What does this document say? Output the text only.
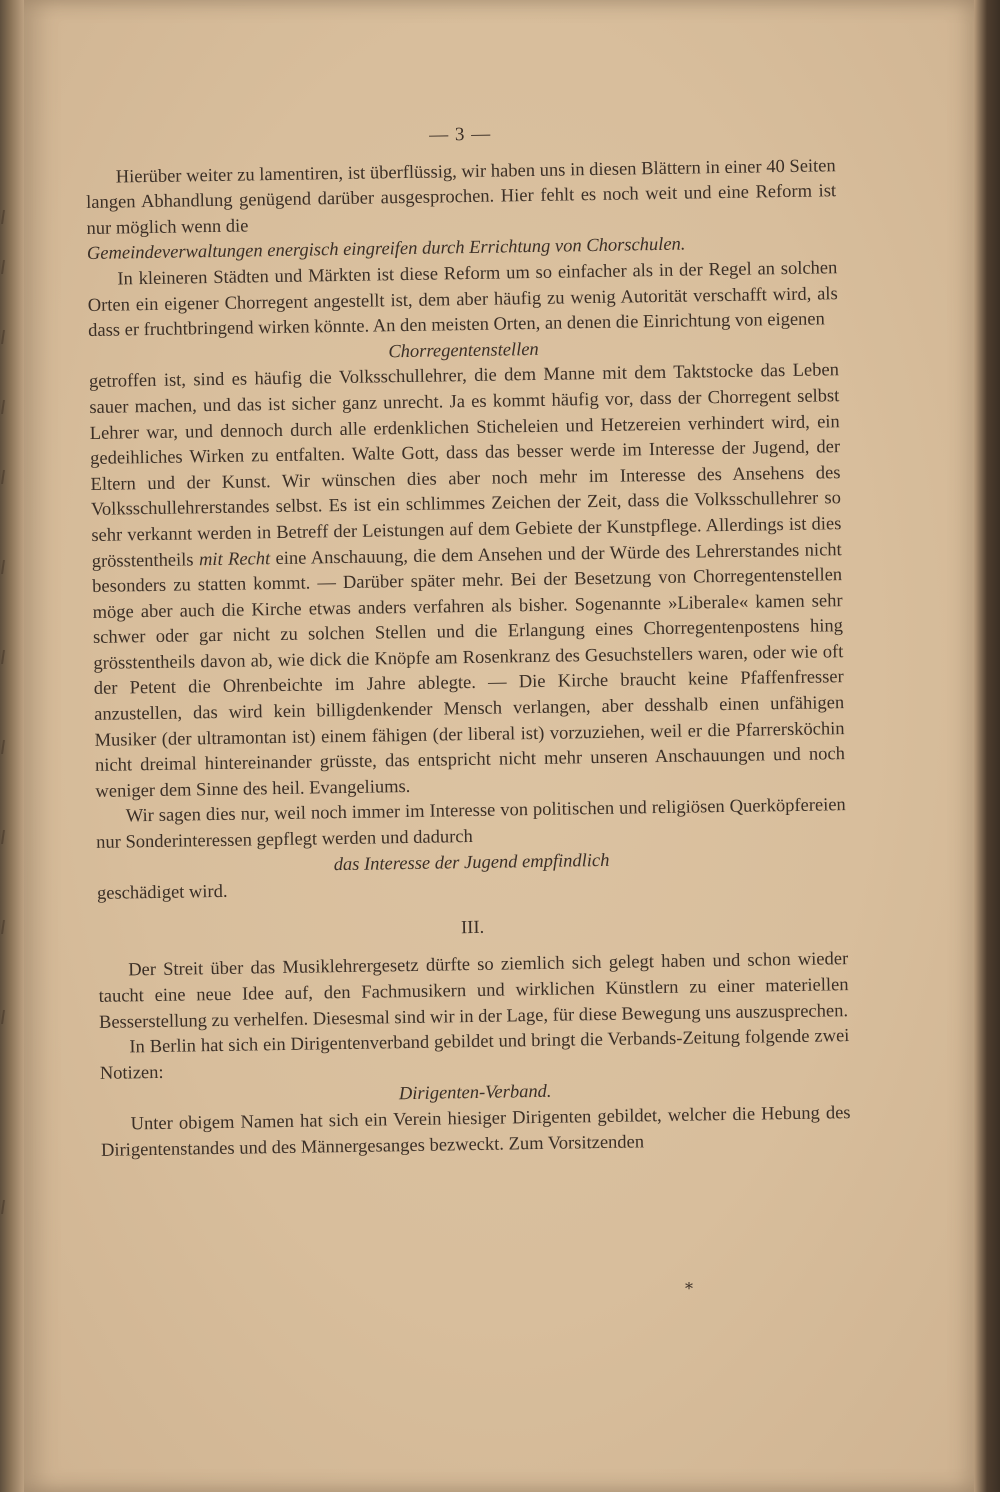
— 3 —

Hierüber weiter zu lamentiren, ist überflüssig, wir haben uns in diesen Blättern in einer 40 Seiten langen Abhandlung genügend darüber ausgesprochen. Hier fehlt es noch weit und eine Reform ist nur möglich wenn die

Gemeindeverwaltungen energisch eingreifen durch Errichtung von Chorschulen.

In kleineren Städten und Märkten ist diese Reform um so einfacher als in der Regel an solchen Orten ein eigener Chorregent angestellt ist, dem aber häufig zu wenig Autorität verschafft wird, als dass er fruchtbringend wirken könnte. An den meisten Orten, an denen die Einrichtung von eigenen

Chorregentenstellen

getroffen ist, sind es häufig die Volksschullehrer, die dem Manne mit dem Taktstocke das Leben sauer machen, und das ist sicher ganz unrecht. Ja es kommt häufig vor, dass der Chorregent selbst Lehrer war, und dennoch durch alle erdenklichen Sticheleien und Hetzereien verhindert wird, ein gedeihliches Wirken zu entfalten. Walte Gott, dass das besser werde im Interesse der Jugend, der Eltern und der Kunst. Wir wünschen dies aber noch mehr im Interesse des Ansehens des Volksschullehrerstandes selbst. Es ist ein schlimmes Zeichen der Zeit, dass die Volksschullehrer so sehr verkannt werden in Betreff der Leistungen auf dem Gebiete der Kunstpflege. Allerdings ist dies grösstentheils mit Recht eine Anschauung, die dem Ansehen und der Würde des Lehrerstandes nicht besonders zu statten kommt. — Darüber später mehr. Bei der Besetzung von Chorregentenstellen möge aber auch die Kirche etwas anders verfahren als bisher. Sogenannte »Liberale« kamen sehr schwer oder gar nicht zu solchen Stellen und die Erlangung eines Chorregentenpostens hing grösstentheils davon ab, wie dick die Knöpfe am Rosenkranz des Gesuchstellers waren, oder wie oft der Petent die Ohrenbeichte im Jahre ablegte. — Die Kirche braucht keine Pfaffenfresser anzustellen, das wird kein billigdenkender Mensch verlangen, aber desshalb einen unfähigen Musiker (der ultramontan ist) einem fähigen (der liberal ist) vorzuziehen, weil er die Pfarrersköchin nicht dreimal hintereinander grüsste, das entspricht nicht mehr unseren Anschauungen und noch weniger dem Sinne des heil. Evangeliums.

Wir sagen dies nur, weil noch immer im Interesse von politischen und religiösen Querköpfereien nur Sonderinteressen gepflegt werden und dadurch

das Interesse der Jugend empfindlich

geschädiget wird.

III.

Der Streit über das Musiklehrergesetz dürfte so ziemlich sich gelegt haben und schon wieder taucht eine neue Idee auf, den Fachmusikern und wirklichen Künstlern zu einer materiellen Besserstellung zu verhelfen. Diesesmal sind wir in der Lage, für diese Bewegung uns auszusprechen.

In Berlin hat sich ein Dirigentenverband gebildet und bringt die Verbands-Zeitung folgende zwei Notizen:

Dirigenten-Verband.

Unter obigem Namen hat sich ein Verein hiesiger Dirigenten gebildet, welcher die Hebung des Dirigentenstandes und des Männergesanges bezweckt. Zum Vorsitzenden

*
